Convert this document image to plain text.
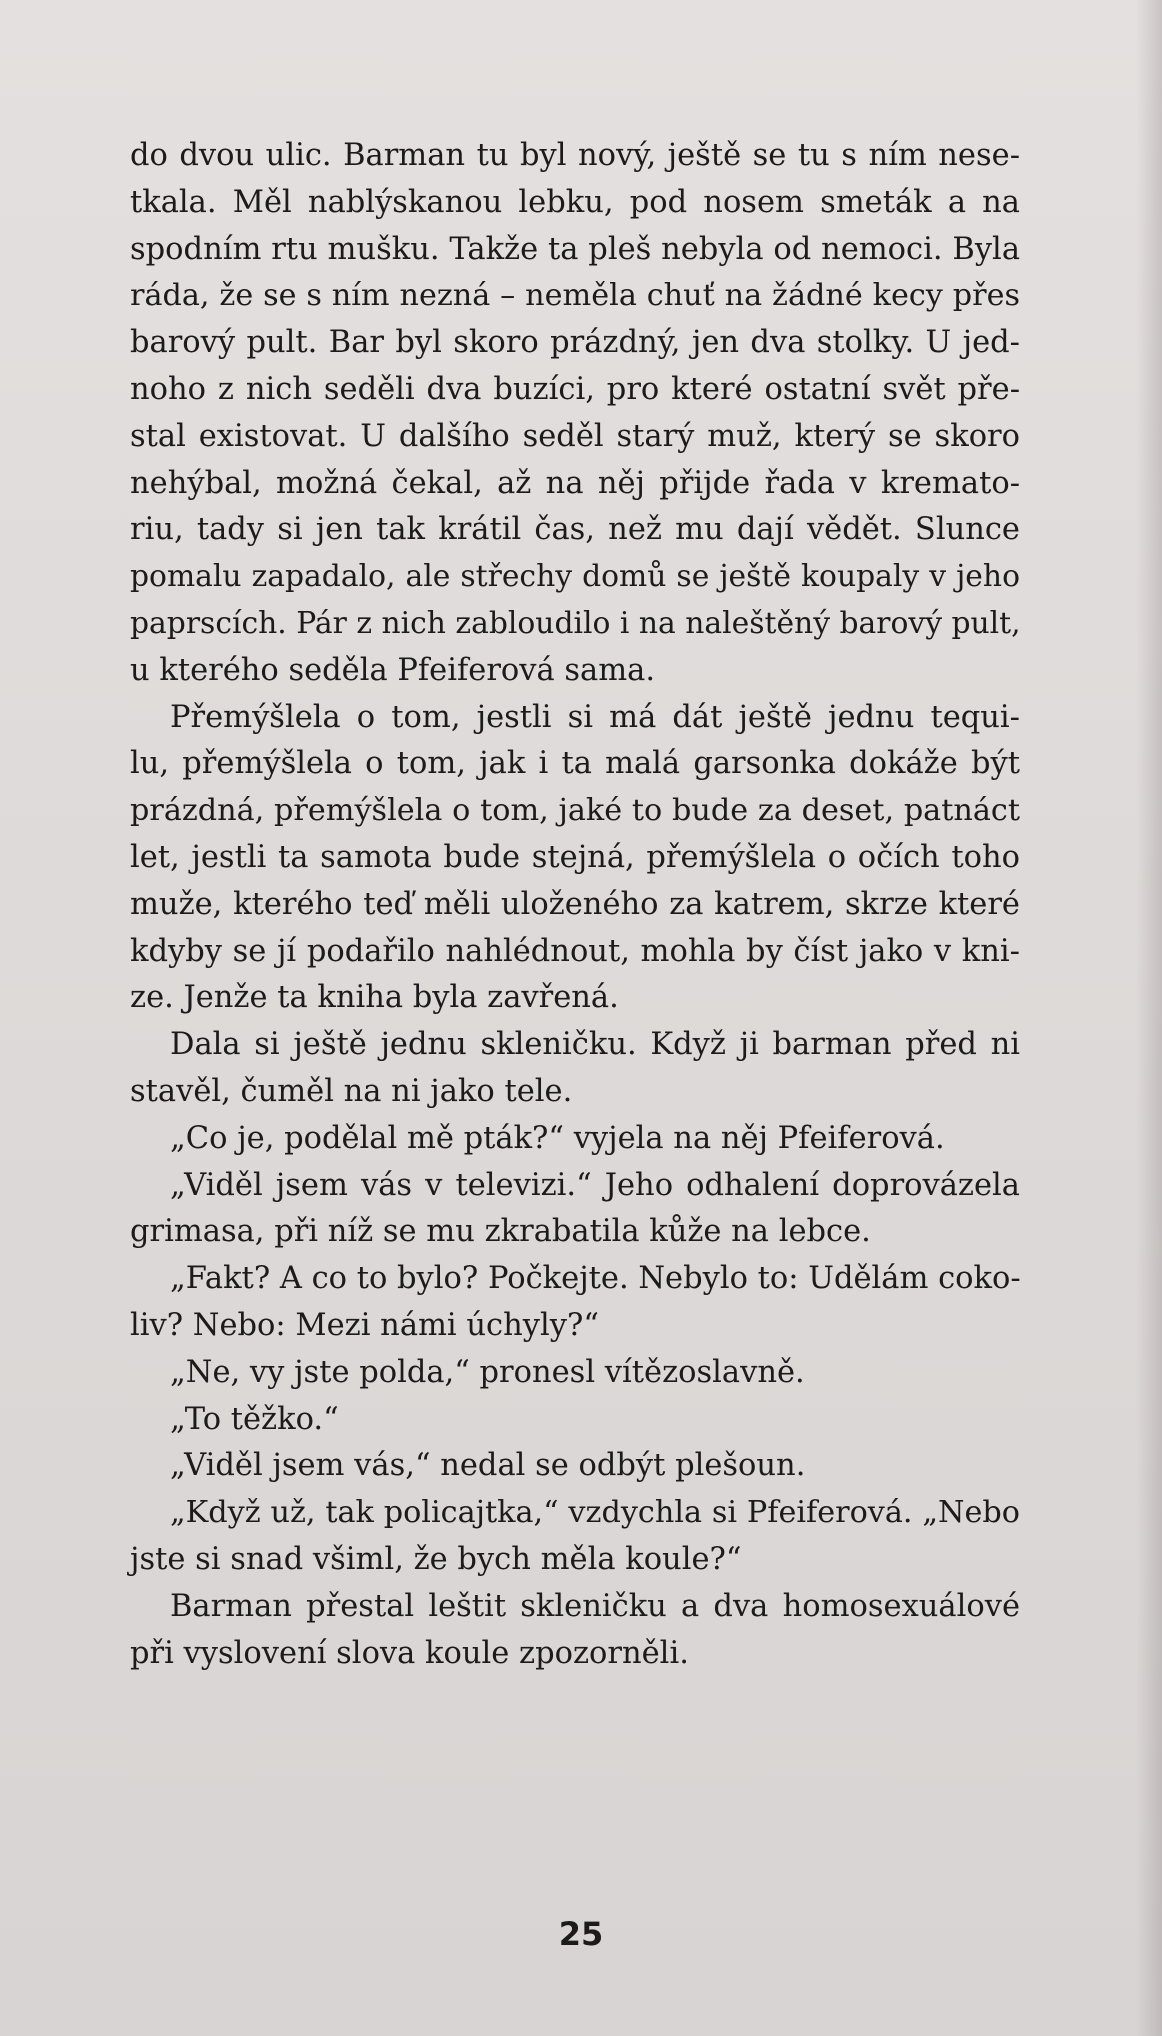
do dvou ulic. Barman tu byl nový, ještě se tu s ním nese-
tkala. Měl nablýskanou lebku, pod nosem smeták a na
spodním rtu mušku. Takže ta pleš nebyla od nemoci. Byla
ráda, že se s ním nezná – neměla chuť na žádné kecy přes
barový pult. Bar byl skoro prázdný, jen dva stolky. U jed-
noho z nich seděli dva buzíci, pro které ostatní svět pře-
stal existovat. U dalšího seděl starý muž, který se skoro
nehýbal, možná čekal, až na něj přijde řada v kremato-
riu, tady si jen tak krátil čas, než mu dají vědět. Slunce
pomalu zapadalo, ale střechy domů se ještě koupaly v jeho
paprscích. Pár z nich zabloudilo i na naleštěný barový pult,
u kterého seděla Pfeiferová sama.
Přemýšlela o tom, jestli si má dát ještě jednu tequi-
lu, přemýšlela o tom, jak i ta malá garsonka dokáže být
prázdná, přemýšlela o tom, jaké to bude za deset, patnáct
let, jestli ta samota bude stejná, přemýšlela o očích toho
muže, kterého teď měli uloženého za katrem, skrze které
kdyby se jí podařilo nahlédnout, mohla by číst jako v kni-
ze. Jenže ta kniha byla zavřená.
Dala si ještě jednu skleničku. Když ji barman před ni
stavěl, čuměl na ni jako tele.
„Co je, podělal mě pták?“ vyjela na něj Pfeiferová.
„Viděl jsem vás v televizi.“ Jeho odhalení doprovázela
grimasa, při níž se mu zkrabatila kůže na lebce.
„Fakt? A co to bylo? Počkejte. Nebylo to: Udělám coko-
liv? Nebo: Mezi námi úchyly?“
„Ne, vy jste polda,“ pronesl vítězoslavně.
„To těžko.“
„Viděl jsem vás,“ nedal se odbýt plešoun.
„Když už, tak policajtka,“ vzdychla si Pfeiferová. „Nebo
jste si snad všiml, že bych měla koule?“
Barman přestal leštit skleničku a dva homosexuálové
při vyslovení slova koule zpozorněli.
25
